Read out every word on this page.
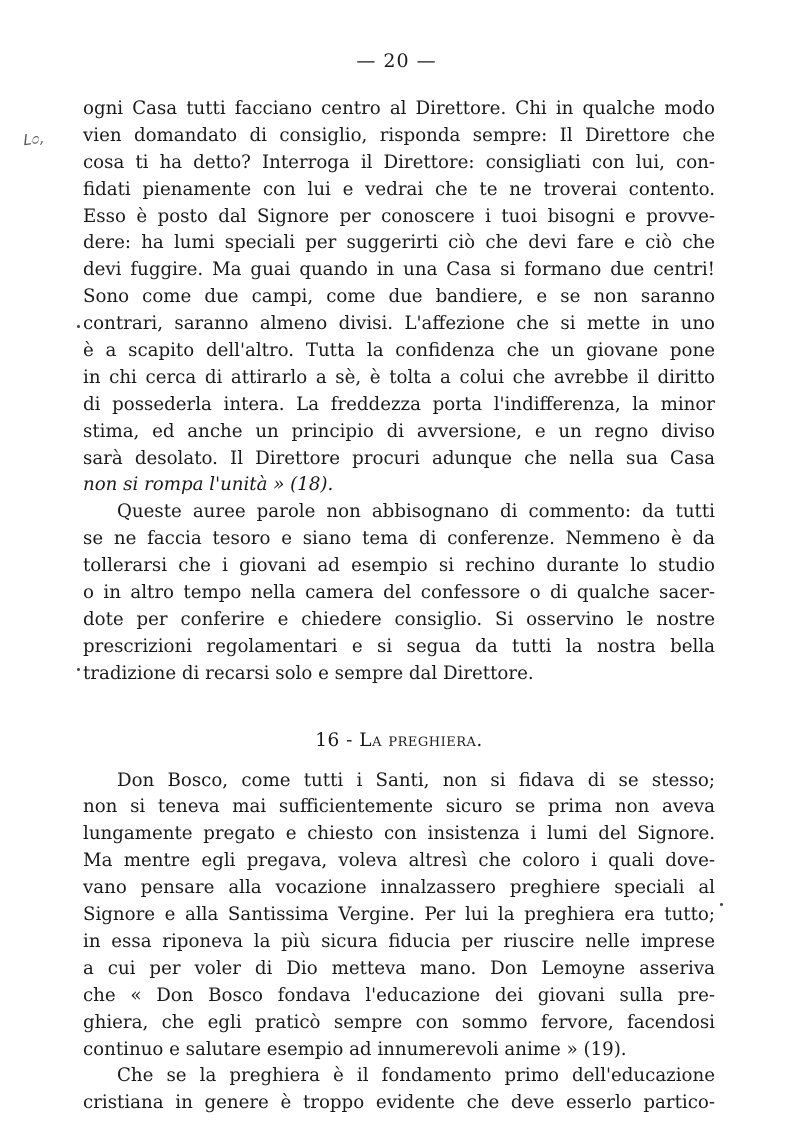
— 20 —
ᒪ೦,
ogni Casa tutti facciano centro al Direttore. Chi in qualche modo
vien domandato di consiglio, risponda sempre: Il Direttore che
cosa ti ha detto? Interroga il Direttore: consigliati con lui, con-
fidati pienamente con lui e vedrai che te ne troverai contento.
Esso è posto dal Signore per conoscere i tuoi bisogni e provve-
dere: ha lumi speciali per suggerirti ciò che devi fare e ciò che
devi fuggire. Ma guai quando in una Casa si formano due centri!
Sono come due campi, come due bandiere, e se non saranno
contrari, saranno almeno divisi. L'affezione che si mette in uno
è a scapito dell'altro. Tutta la confidenza che un giovane pone
in chi cerca di attirarlo a sè, è tolta a colui che avrebbe il diritto
di possederla intera. La freddezza porta l'indifferenza, la minor
stima, ed anche un principio di avversione, e un regno diviso
sarà desolato. Il Direttore procuri adunque che nella sua Casa
non si rompa l'unità » (18).
Queste auree parole non abbisognano di commento: da tutti
se ne faccia tesoro e siano tema di conferenze. Nemmeno è da
tollerarsi che i giovani ad esempio si rechino durante lo studio
o in altro tempo nella camera del confessore o di qualche sacer-
dote per conferire e chiedere consiglio. Si osservino le nostre
prescrizioni regolamentari e si segua da tutti la nostra bella
tradizione di recarsi solo e sempre dal Direttore.
16 - La preghiera.
Don Bosco, come tutti i Santi, non si fidava di se stesso;
non si teneva mai sufficientemente sicuro se prima non aveva
lungamente pregato e chiesto con insistenza i lumi del Signore.
Ma mentre egli pregava, voleva altresì che coloro i quali dove-
vano pensare alla vocazione innalzassero preghiere speciali al
Signore e alla Santissima Vergine. Per lui la preghiera era tutto;
in essa riponeva la più sicura fiducia per riuscire nelle imprese
a cui per voler di Dio metteva mano. Don Lemoyne asseriva
che « Don Bosco fondava l'educazione dei giovani sulla pre-
ghiera, che egli praticò sempre con sommo fervore, facendosi
continuo e salutare esempio ad innumerevoli anime » (19).
Che se la preghiera è il fondamento primo dell'educazione
cristiana in genere è troppo evidente che deve esserlo partico-
